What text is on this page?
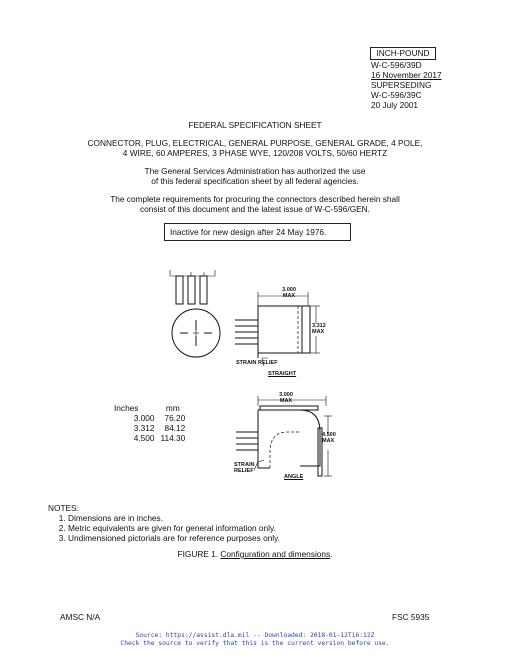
INCH-POUND
W-C-596/39D
16 November 2017
SUPERSEDING
W-C-596/39C
20 July 2001
FEDERAL SPECIFICATION SHEET
CONNECTOR, PLUG, ELECTRICAL, GENERAL PURPOSE, GENERAL GRADE, 4 POLE,
4 WIRE, 60 AMPERES, 3 PHASE WYE, 120/208 VOLTS, 50/60 HERTZ
The General Services Administration has authorized the use
of this federal specification sheet by all federal agencies.
The complete requirements for procuring the connectors described herein shall
consist of this document and the latest issue of W-C-596/GEN.
Inactive for new design after 24 May 1976.
3.000
MAX
3.312
MAX
STRAIN RELIEF
STRAIGHT
Inches	mm
3.000	76.20
3.312	84.12
4.500	114.30
3.000
MAX
4.500
MAX
STRAIN
RELIEF
ANGLE
NOTES:
1. Dimensions are in inches.
2. Metric equivalents are given for general information only.
3. Undimensioned pictorials are for reference purposes only.
FIGURE 1. Configuration and dimensions.
AMSC N/A	FSC 5935
Source: https://assist.dla.mil -- Downloaded: 2018-01-12T16:12Z
Check the source to verify that this is the current version before use.
